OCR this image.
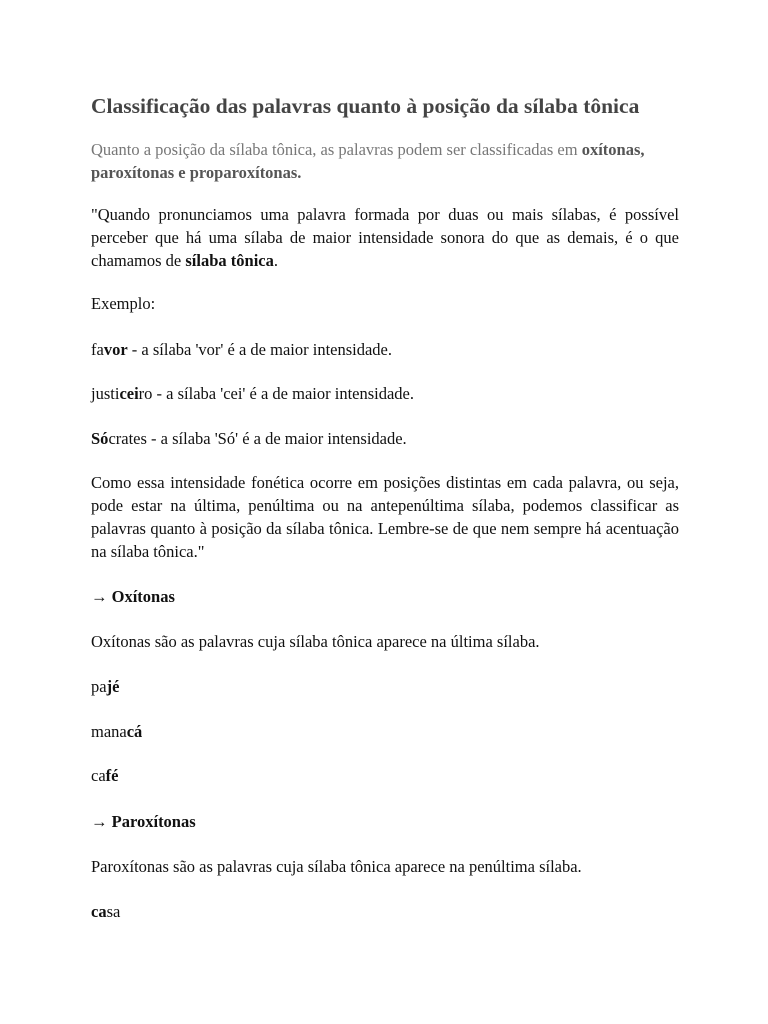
Classificação das palavras quanto à posição da sílaba tônica

Quanto a posição da sílaba tônica, as palavras podem ser classificadas em oxítonas, paroxítonas e proparoxítonas.

"Quando pronunciamos uma palavra formada por duas ou mais sílabas, é possível perceber que há uma sílaba de maior intensidade sonora do que as demais, é o que chamamos de sílaba tônica.

Exemplo:

favor - a sílaba 'vor' é a de maior intensidade.

justiceiro - a sílaba 'cei' é a de maior intensidade.

Sócrates - a sílaba 'Só' é a de maior intensidade.

Como essa intensidade fonética ocorre em posições distintas em cada palavra, ou seja, pode estar na última, penúltima ou na antepenúltima sílaba, podemos classificar as palavras quanto à posição da sílaba tônica. Lembre-se de que nem sempre há acentuação na sílaba tônica."

→ Oxítonas

Oxítonas são as palavras cuja sílaba tônica aparece na última sílaba.

pajé

manacá

café

→ Paroxítonas

Paroxítonas são as palavras cuja sílaba tônica aparece na penúltima sílaba.

casa
